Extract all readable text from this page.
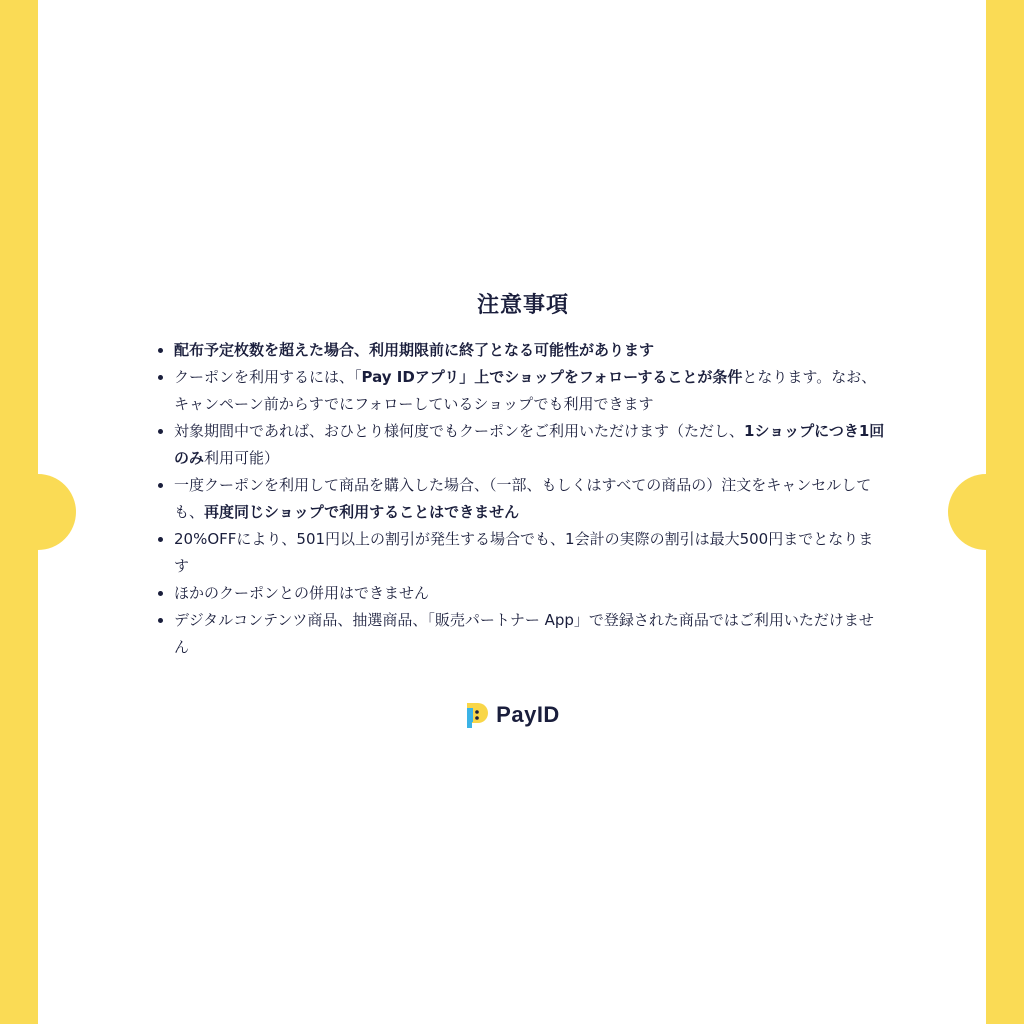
注意事項
配布予定枚数を超えた場合、利用期限前に終了となる可能性があります
クーポンを利用するには、「Pay IDアプリ」上でショップをフォローすることが条件となります。なお、キャンペーン前からすでにフォローしているショップでも利用できます
対象期間中であれば、おひとり様何度でもクーポンをご利用いただけます（ただし、1ショップにつき1回のみ利用可能）
一度クーポンを利用して商品を購入した場合、（一部、もしくはすべての商品の）注文をキャンセルしても、再度同じショップで利用することはできません
20%OFFにより、501円以上の割引が発生する場合でも、1会計の実際の割引は最大500円までとなります
ほかのクーポンとの併用はできません
デジタルコンテンツ商品、抽選商品、「販売パートナー App」で登録された商品ではご利用いただけません
PayID
